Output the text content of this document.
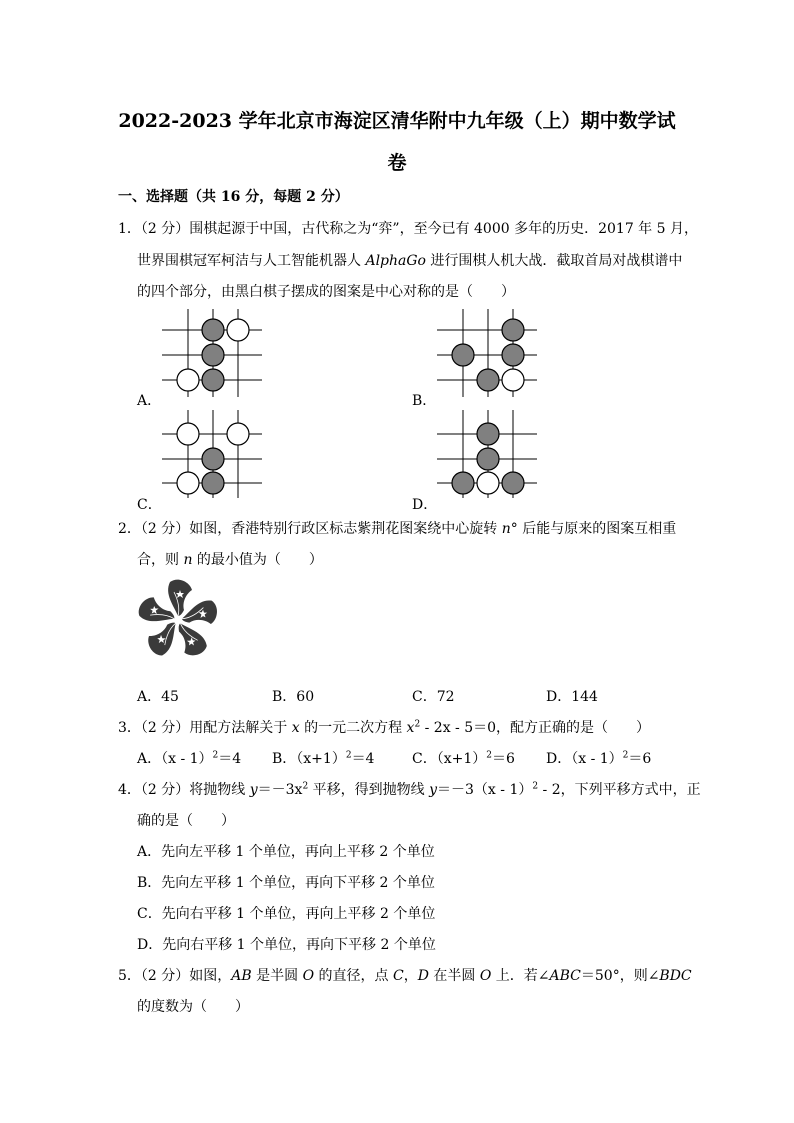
2022-2023 学年北京市海淀区清华附中九年级（上）期中数学试
卷
一、选择题（共 16 分，每题 2 分）
1．（2 分）围棋起源于中国，古代称之为“弈”，至今已有 4000 多年的历史．2017 年 5 月，
世界围棋冠军柯洁与人工智能机器人 AlphaGo 进行围棋人机大战．截取首局对战棋谱中
的四个部分，由黑白棋子摆成的图案是中心对称的是（　　）
A．	B．
C．	D．
2．（2 分）如图，香港特别行政区标志紫荆花图案绕中心旋转 n° 后能与原来的图案互相重
合，则 n 的最小值为（　　）
A．45	B．60	C．72	D．144
3．（2 分）用配方法解关于 x 的一元二次方程 $x^2 - 2x - 5=0$，配方正确的是（　　）
A．（x - 1）$^2$＝4 B．$(x+1)^2=4$	C．$(x+1)^2=6$ D．（x - 1）$^2$＝6
4．（2 分）将抛物线 $y=-3x^2$ 平移，得到抛物线 y＝－3（x - 1）$^2$ - 2，下列平移方式中，正
确的是（　　）
A．先向左平移 1 个单位，再向上平移 2 个单位
B．先向左平移 1 个单位，再向下平移 2 个单位
C．先向右平移 1 个单位，再向上平移 2 个单位
D．先向右平移 1 个单位，再向下平移 2 个单位
5．（2 分）如图，AB 是半圆 O 的直径，点 C，D 在半圆 O 上．若∠ABC＝50°，则∠BDC
的度数为（　　）
